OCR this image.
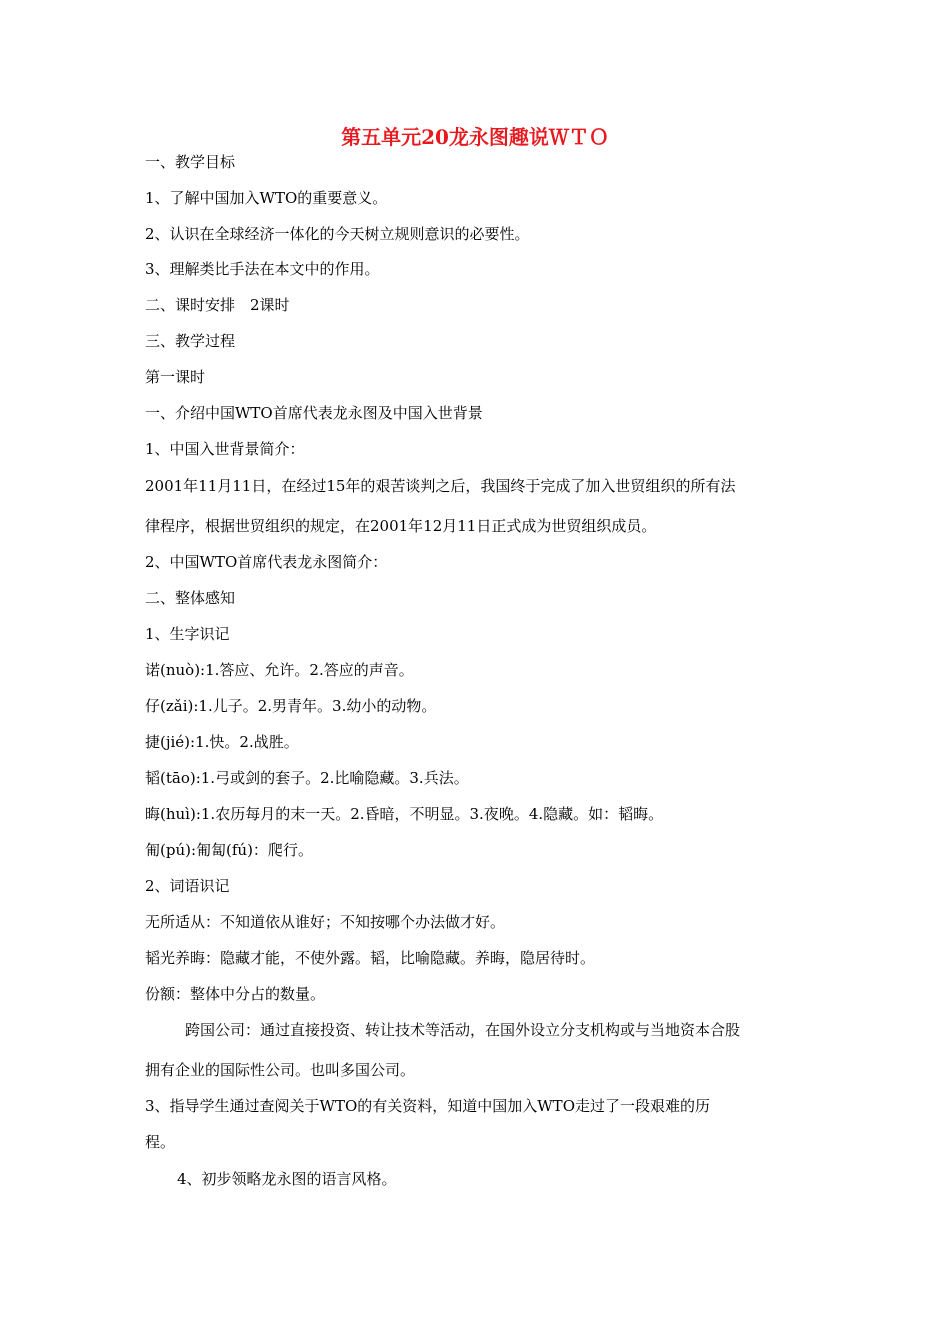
第五单元20龙永图趣说ＷＴＯ
一、教学目标
1、了解中国加入WTO的重要意义。
2、认识在全球经济一体化的今天树立规则意识的必要性。
3、理解类比手法在本文中的作用。
二、课时安排　2课时
三、教学过程
第一课时
一、介绍中国WTO首席代表龙永图及中国入世背景
1、中国入世背景简介：
2001年11月11日，在经过15年的艰苦谈判之后，我国终于完成了加入世贸组织的所有法
律程序，根据世贸组织的规定，在2001年12月11日正式成为世贸组织成员。
2、中国WTO首席代表龙永图简介：
二、整体感知
1、生字识记
诺(nuò):1.答应、允许。2.答应的声音。
仔(zǎi):1.儿子。2.男青年。3.幼小的动物。
捷(jié):1.快。2.战胜。
韬(tāo):1.弓或剑的套子。2.比喻隐藏。3.兵法。
晦(huì):1.农历每月的末一天。2.昏暗，不明显。3.夜晚。4.隐藏。如：韬晦。
匍(pú):匍匐(fú)：爬行。
2、词语识记
无所适从：不知道依从谁好；不知按哪个办法做才好。
韬光养晦：隐藏才能，不使外露。韬，比喻隐藏。养晦，隐居待时。
份额：整体中分占的数量。
跨国公司：通过直接投资、转让技术等活动，在国外设立分支机构或与当地资本合股
拥有企业的国际性公司。也叫多国公司。
3、指导学生通过查阅关于WTO的有关资料，知道中国加入WTO走过了一段艰难的历
程。
4、初步领略龙永图的语言风格。
